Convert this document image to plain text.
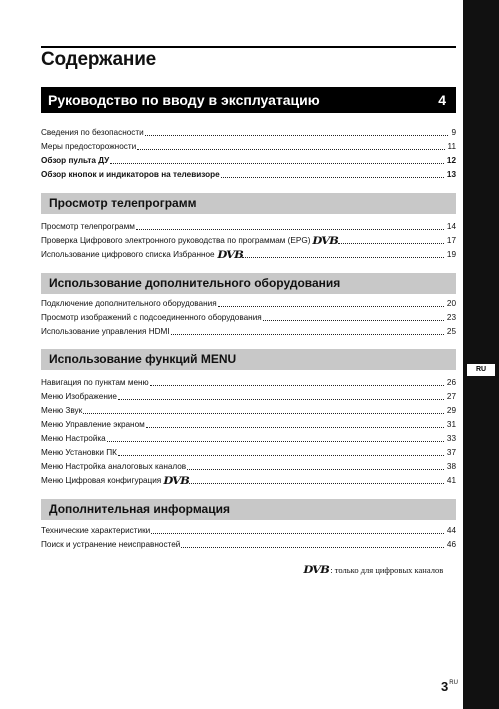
RU
Содержание
Руководство по вводу в эксплуатацию	4
Сведения по безопасности	9
Меры предосторожности	11
Обзор пульта ДУ	12
Обзор кнопок и индикаторов на телевизоре	13
Просмотр телепрограмм
Просмотр телепрограмм	14
Проверка Цифрового электронного руководства по программам (EPG) DVB	17
Использование цифрового списка Избранное DVB	19
Использование дополнительного оборудования
Подключение дополнительного оборудования	20
Просмотр изображений с подсоединенного оборудования	23
Использование управления HDMI	25
Использование функций MENU
Навигация по пунктам меню	26
Меню Изображение	27
Меню Звук	29
Меню Управление экраном	31
Меню Настройка	33
Меню Установки ПК	37
Меню Настройка аналоговых каналов	38
Меню Цифровая конфигурация DVB	41
Дополнительная информация
Технические характеристики	44
Поиск и устранение неисправностей	46
DVB: только для цифровых каналов
$3^{RU}$
